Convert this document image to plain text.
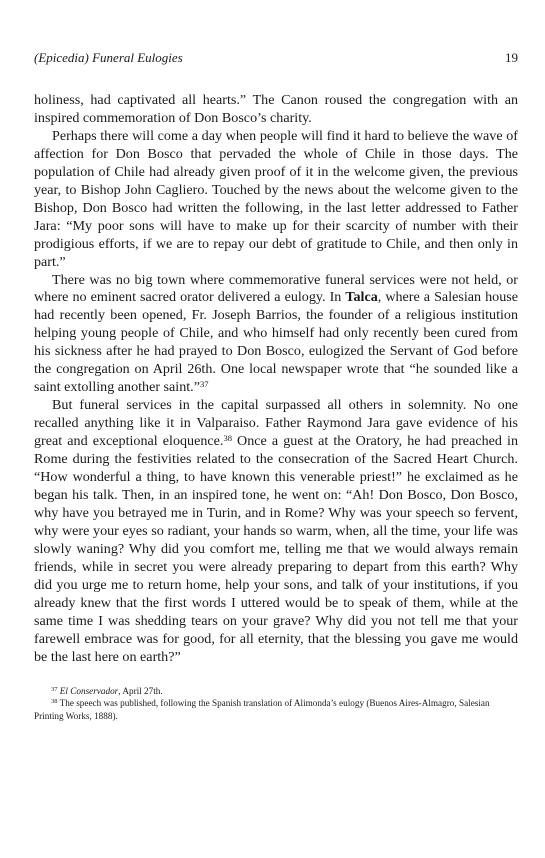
(Epicedia) Funeral Eulogies	19

holiness, had captivated all hearts.” The Canon roused the congregation with an inspired commemoration of Don Bosco’s charity.

Perhaps there will come a day when people will find it hard to believe the wave of affection for Don Bosco that pervaded the whole of Chile in those days. The population of Chile had already given proof of it in the welcome given, the previous year, to Bishop John Cagliero. Touched by the news about the welcome given to the Bishop, Don Bosco had written the following, in the last letter addressed to Father Jara: “My poor sons will have to make up for their scarcity of number with their prodigious efforts, if we are to repay our debt of gratitude to Chile, and then only in part.”

There was no big town where commemorative funeral services were not held, or where no eminent sacred orator delivered a eulogy. In Talca, where a Salesian house had recently been opened, Fr. Joseph Barrios, the founder of a religious institution helping young people of Chile, and who himself had only recently been cured from his sickness after he had prayed to Don Bosco, eulogized the Servant of God before the congregation on April 26th. One local newspaper wrote that “he sounded like a saint extolling another saint.”$^{37}$

But funeral services in the capital surpassed all others in solemnity. No one recalled anything like it in Valparaiso. Father Raymond Jara gave evidence of his great and exceptional eloquence.$^{38}$ Once a guest at the Oratory, he had preached in Rome during the festivities related to the consecration of the Sacred Heart Church. “How wonderful a thing, to have known this venerable priest!” he exclaimed as he began his talk. Then, in an inspired tone, he went on: “Ah! Don Bosco, Don Bosco, why have you betrayed me in Turin, and in Rome? Why was your speech so fervent, why were your eyes so radiant, your hands so warm, when, all the time, your life was slowly waning? Why did you comfort me, telling me that we would always remain friends, while in secret you were already preparing to depart from this earth? Why did you urge me to return home, help your sons, and talk of your institutions, if you already knew that the first words I uttered would be to speak of them, while at the same time I was shedding tears on your grave? Why did you not tell me that your farewell embrace was for good, for all eternity, that the blessing you gave me would be the last here on earth?”

$^{37}$ El Conservador, April 27th.

$^{38}$ The speech was published, following the Spanish translation of Alimonda’s eulogy (Buenos Aires-Almagro, Salesian Printing Works, 1888).
